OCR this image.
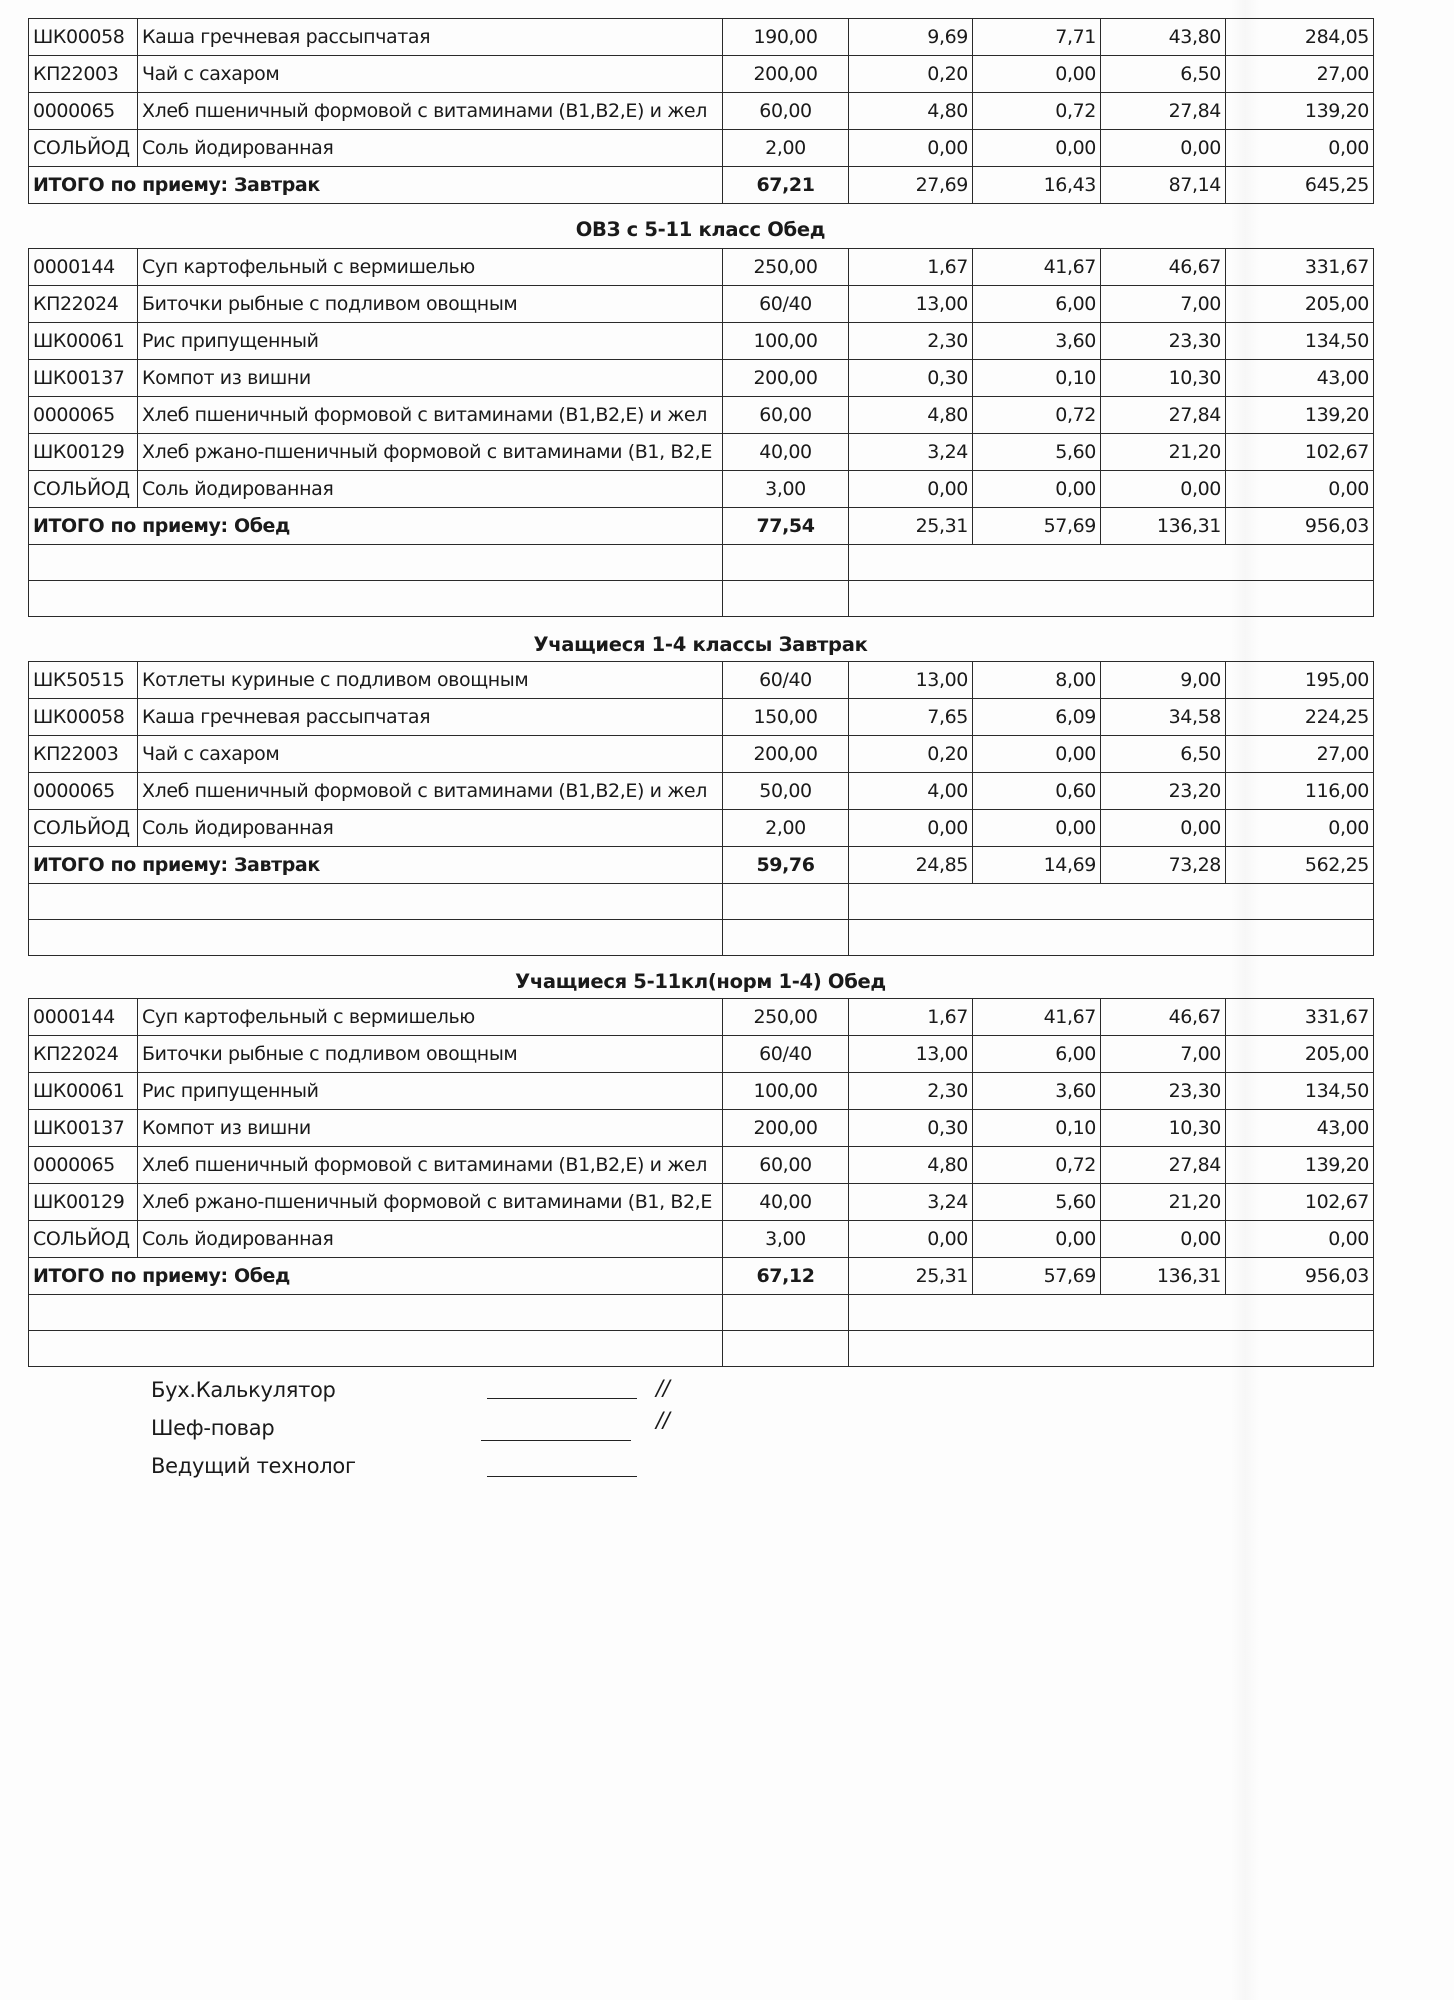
ШК00058	Каша гречневая рассыпчатая	190,00	9,69	7,71	43,80	284,05
КП22003	Чай с сахаром	200,00	0,20	0,00	6,50	27,00
0000065	Хлеб пшеничный формовой с витаминами (В1,В2,Е) и жел	60,00	4,80	0,72	27,84	139,20
СОЛЬЙОД	Соль йодированная	2,00	0,00	0,00	0,00	0,00
ИТОГО по приему: Завтрак		67,21	27,69	16,43	87,14	645,25
ОВЗ с 5-11 класс Обед
0000144	Суп картофельный с вермишелью	250,00	1,67	41,67	46,67	331,67
КП22024	Биточки рыбные с подливом овощным	60/40	13,00	6,00	7,00	205,00
ШК00061	Рис припущенный	100,00	2,30	3,60	23,30	134,50
ШК00137	Компот из вишни	200,00	0,30	0,10	10,30	43,00
0000065	Хлеб пшеничный формовой с витаминами (В1,В2,Е) и жел	60,00	4,80	0,72	27,84	139,20
ШК00129	Хлеб ржано-пшеничный формовой с витаминами (В1, В2,Е	40,00	3,24	5,60	21,20	102,67
СОЛЬЙОД	Соль йодированная	3,00	0,00	0,00	0,00	0,00
ИТОГО по приему: Обед		77,54	25,31	57,69	136,31	956,03

Учащиеся 1-4 классы Завтрак
ШК50515	Котлеты куриные с подливом овощным	60/40	13,00	8,00	9,00	195,00
ШК00058	Каша гречневая рассыпчатая	150,00	7,65	6,09	34,58	224,25
КП22003	Чай с сахаром	200,00	0,20	0,00	6,50	27,00
0000065	Хлеб пшеничный формовой с витаминами (В1,В2,Е) и жел	50,00	4,00	0,60	23,20	116,00
СОЛЬЙОД	Соль йодированная	2,00	0,00	0,00	0,00	0,00
ИТОГО по приему: Завтрак		59,76	24,85	14,69	73,28	562,25

Учащиеся 5-11кл(норм 1-4) Обед
0000144	Суп картофельный с вермишелью	250,00	1,67	41,67	46,67	331,67
КП22024	Биточки рыбные с подливом овощным	60/40	13,00	6,00	7,00	205,00
ШК00061	Рис припущенный	100,00	2,30	3,60	23,30	134,50
ШК00137	Компот из вишни	200,00	0,30	0,10	10,30	43,00
0000065	Хлеб пшеничный формовой с витаминами (В1,В2,Е) и жел	60,00	4,80	0,72	27,84	139,20
ШК00129	Хлеб ржано-пшеничный формовой с витаминами (В1, В2,Е	40,00	3,24	5,60	21,20	102,67
СОЛЬЙОД	Соль йодированная	3,00	0,00	0,00	0,00	0,00
ИТОГО по приему: Обед		67,12	25,31	57,69	136,31	956,03

Бух.Калькулятор	//
Шеф-повар	//
Ведущий технолог
